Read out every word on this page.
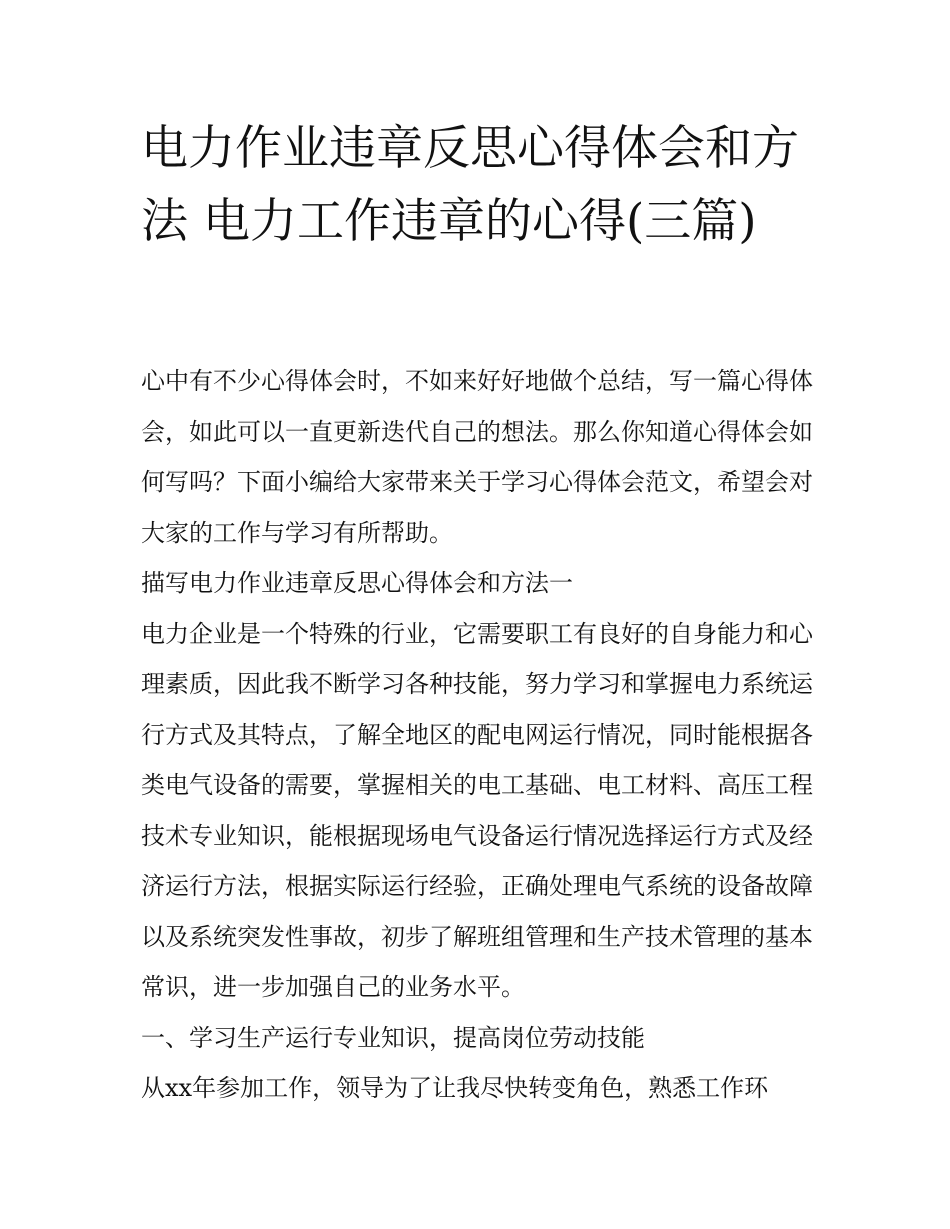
电力作业违章反思心得体会和方法 电力工作违章的心得(三篇)

心中有不少心得体会时，不如来好好地做个总结，写一篇心得体会，如此可以一直更新迭代自己的想法。那么你知道心得体会如何写吗？下面小编给大家带来关于学习心得体会范文，希望会对大家的工作与学习有所帮助。

描写电力作业违章反思心得体会和方法一

电力企业是一个特殊的行业，它需要职工有良好的自身能力和心理素质，因此我不断学习各种技能，努力学习和掌握电力系统运行方式及其特点，了解全地区的配电网运行情况，同时能根据各类电气设备的需要，掌握相关的电工基础、电工材料、高压工程技术专业知识，能根据现场电气设备运行情况选择运行方式及经济运行方法，根据实际运行经验，正确处理电气系统的设备故障以及系统突发性事故，初步了解班组管理和生产技术管理的基本常识，进一步加强自己的业务水平。

一、学习生产运行专业知识，提高岗位劳动技能

从xx年参加工作，领导为了让我尽快转变角色，熟悉工作环
